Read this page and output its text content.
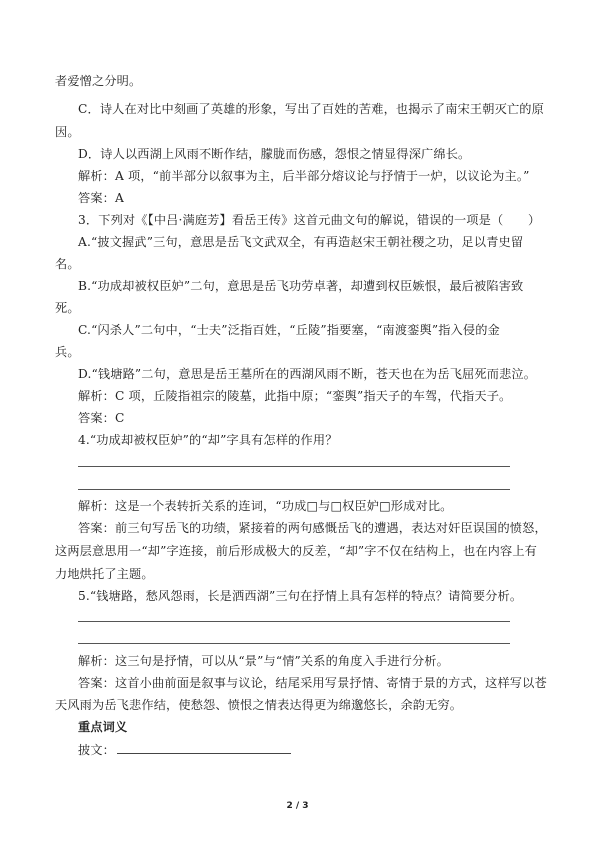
者爱憎之分明。
C．诗人在对比中刻画了英雄的形象，写出了百姓的苦难，也揭示了南宋王朝灭亡的原
因。
D．诗人以西湖上风雨不断作结，朦胧而伤感，怨恨之情显得深广绵长。
解析：A 项，“前半部分以叙事为主，后半部分熔议论与抒情于一炉，以议论为主。”
答案：A
3．下列对《【中吕·满庭芳】看岳王传》这首元曲文句的解说，错误的一项是（　　）
A.“披文握武”三句，意思是岳飞文武双全，有再造赵宋王朝社稷之功，足以青史留
名。
B.“功成却被权臣妒”二句，意思是岳飞功劳卓著，却遭到权臣嫉恨，最后被陷害致
死。
C.“闪杀人”二句中，“士夫”泛指百姓，“丘陵”指要塞，“南渡銮舆”指入侵的金
兵。
D.“钱塘路”二句，意思是岳王墓所在的西湖风雨不断，苍天也在为岳飞屈死而悲泣。
解析：C 项，丘陵指祖宗的陵墓，此指中原；“銮舆”指天子的车驾，代指天子。
答案：C
4.“功成却被权臣妒”的“却”字具有怎样的作用？
解析：这是一个表转折关系的连词，“功成□与□权臣妒□形成对比。
答案：前三句写岳飞的功绩，紧接着的两句感慨岳飞的遭遇，表达对奸臣误国的愤怒，
这两层意思用一“却”字连接，前后形成极大的反差，“却”字不仅在结构上，也在内容上有
力地烘托了主题。
5.“钱塘路，愁风怨雨，长是洒西湖”三句在抒情上具有怎样的特点？请简要分析。
解析：这三句是抒情，可以从“景”与“情”关系的角度入手进行分析。
答案：这首小曲前面是叙事与议论，结尾采用写景抒情、寄情于景的方式，这样写以苍
天风雨为岳飞悲作结，使愁怨、愤恨之情表达得更为绵邈悠长，余韵无穷。
重点词义
披文：
2 / 3
